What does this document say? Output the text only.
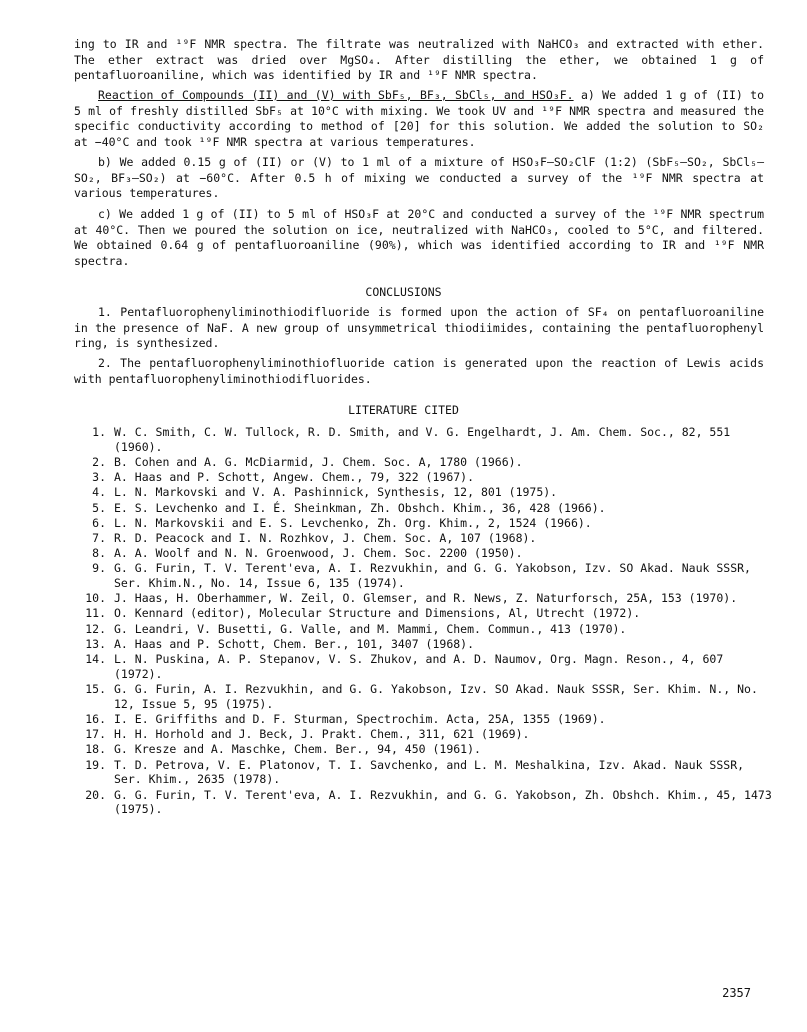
ing to IR and ¹⁹F NMR spectra. The filtrate was neutralized with NaHCO₃ and extracted with ether. The ether extract was dried over MgSO₄. After distilling the ether, we obtained 1 g of pentafluoroaniline, which was identified by IR and ¹⁹F NMR spectra.

Reaction of Compounds (II) and (V) with SbF₅, BF₃, SbCl₅, and HSO₃F. a) We added 1 g of (II) to 5 ml of freshly distilled SbF₅ at 10°C with mixing. We took UV and ¹⁹F NMR spectra and measured the specific conductivity according to method of [20] for this solution. We added the solution to SO₂ at −40°C and took ¹⁹F NMR spectra at various temperatures.

b) We added 0.15 g of (II) or (V) to 1 ml of a mixture of HSO₃F–SO₂ClF (1:2) (SbF₅–SO₂, SbCl₅–SO₂, BF₃–SO₂) at −60°C. After 0.5 h of mixing we conducted a survey of the ¹⁹F NMR spectra at various temperatures.

c) We added 1 g of (II) to 5 ml of HSO₃F at 20°C and conducted a survey of the ¹⁹F NMR spectrum at 40°C. Then we poured the solution on ice, neutralized with NaHCO₃, cooled to 5°C, and filtered. We obtained 0.64 g of pentafluoroaniline (90%), which was identified according to IR and ¹⁹F NMR spectra.

CONCLUSIONS

1. Pentafluorophenyliminothiodifluoride is formed upon the action of SF₄ on pentafluoroaniline in the presence of NaF. A new group of unsymmetrical thiodiimides, containing the pentafluorophenyl ring, is synthesized.

2. The pentafluorophenyliminothiofluoride cation is generated upon the reaction of Lewis acids with pentafluorophenyliminothiodifluorides.

LITERATURE CITED

1. W. C. Smith, C. W. Tullock, R. D. Smith, and V. G. Engelhardt, J. Am. Chem. Soc., 82, 551 (1960).
2. B. Cohen and A. G. McDiarmid, J. Chem. Soc. A, 1780 (1966).
3. A. Haas and P. Schott, Angew. Chem., 79, 322 (1967).
4. L. N. Markovski and V. A. Pashinnick, Synthesis, 12, 801 (1975).
5. E. S. Levchenko and I. É. Sheinkman, Zh. Obshch. Khim., 36, 428 (1966).
6. L. N. Markovskii and E. S. Levchenko, Zh. Org. Khim., 2, 1524 (1966).
7. R. D. Peacock and I. N. Rozhkov, J. Chem. Soc. A, 107 (1968).
8. A. A. Woolf and N. N. Groenwood, J. Chem. Soc. 2200 (1950).
9. G. G. Furin, T. V. Terent'eva, A. I. Rezvukhin, and G. G. Yakobson, Izv. SO Akad. Nauk SSSR, Ser. Khim.N., No. 14, Issue 6, 135 (1974).
10. J. Haas, H. Oberhammer, W. Zeil, O. Glemser, and R. News, Z. Naturforsch, 25A, 153 (1970).
11. O. Kennard (editor), Molecular Structure and Dimensions, Al, Utrecht (1972).
12. G. Leandri, V. Busetti, G. Valle, and M. Mammi, Chem. Commun., 413 (1970).
13. A. Haas and P. Schott, Chem. Ber., 101, 3407 (1968).
14. L. N. Puskina, A. P. Stepanov, V. S. Zhukov, and A. D. Naumov, Org. Magn. Reson., 4, 607 (1972).
15. G. G. Furin, A. I. Rezvukhin, and G. G. Yakobson, Izv. SO Akad. Nauk SSSR, Ser. Khim. N., No. 12, Issue 5, 95 (1975).
16. I. E. Griffiths and D. F. Sturman, Spectrochim. Acta, 25A, 1355 (1969).
17. H. H. Horhold and J. Beck, J. Prakt. Chem., 311, 621 (1969).
18. G. Kresze and A. Maschke, Chem. Ber., 94, 450 (1961).
19. T. D. Petrova, V. E. Platonov, T. I. Savchenko, and L. M. Meshalkina, Izv. Akad. Nauk SSSR, Ser. Khim., 2635 (1978).
20. G. G. Furin, T. V. Terent'eva, A. I. Rezvukhin, and G. G. Yakobson, Zh. Obshch. Khim., 45, 1473 (1975).

2357
